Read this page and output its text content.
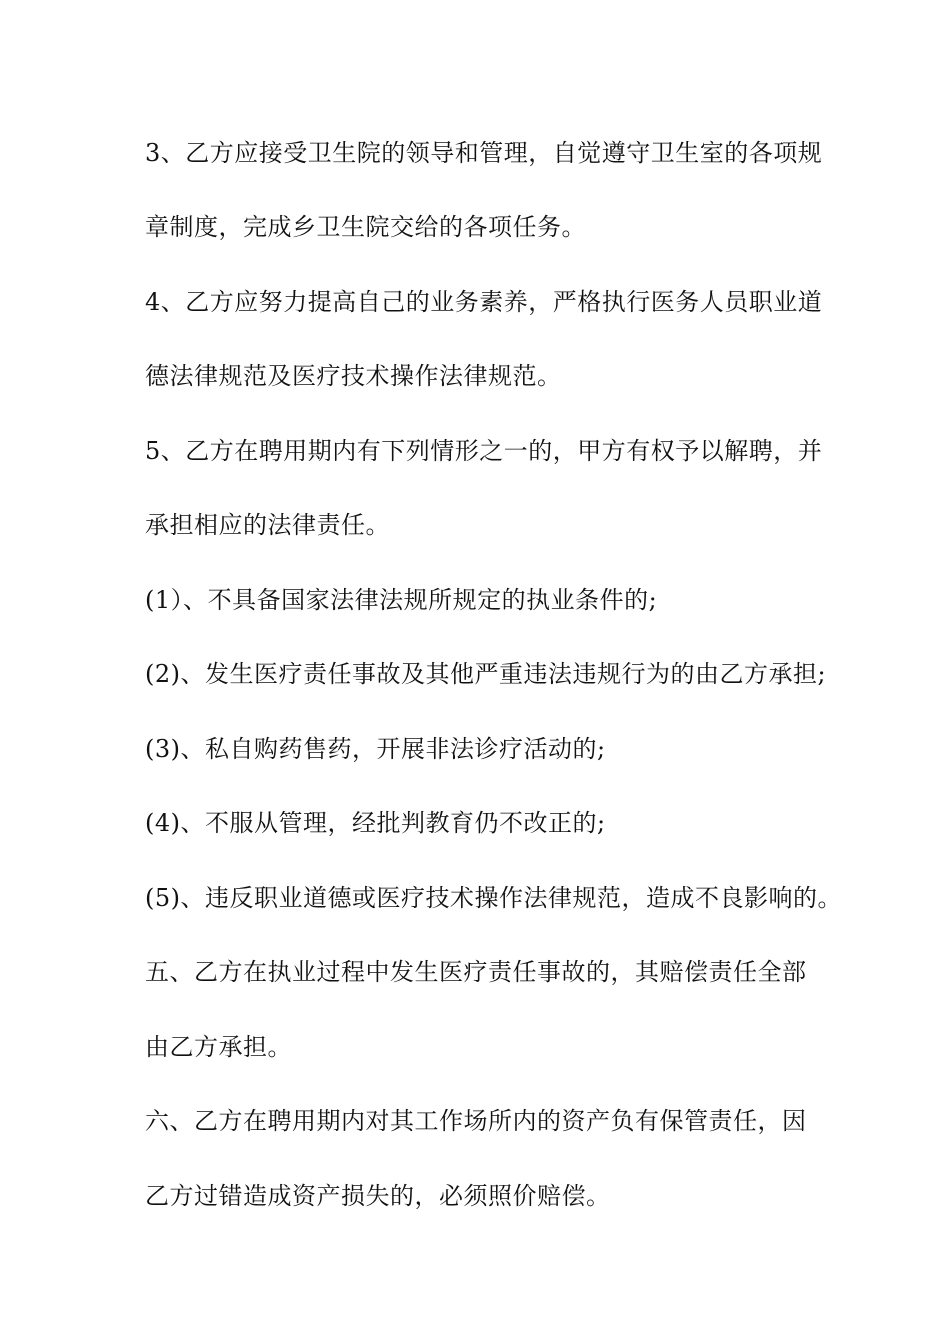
3、乙方应接受卫生院的领导和管理，自觉遵守卫生室的各项规
章制度，完成乡卫生院交给的各项任务。
4、乙方应努力提高自己的业务素养，严格执行医务人员职业道
德法律规范及医疗技术操作法律规范。
5、乙方在聘用期内有下列情形之一的，甲方有权予以解聘，并
承担相应的法律责任。
(1）、不具备国家法律法规所规定的执业条件的;
(2)、发生医疗责任事故及其他严重违法违规行为的由乙方承担;
(3)、私自购药售药，开展非法诊疗活动的;
(4)、不服从管理，经批判教育仍不改正的;
(5)、违反职业道德或医疗技术操作法律规范，造成不良影响的。
五、乙方在执业过程中发生医疗责任事故的，其赔偿责任全部
由乙方承担。
六、乙方在聘用期内对其工作场所内的资产负有保管责任，因
乙方过错造成资产损失的，必须照价赔偿。
